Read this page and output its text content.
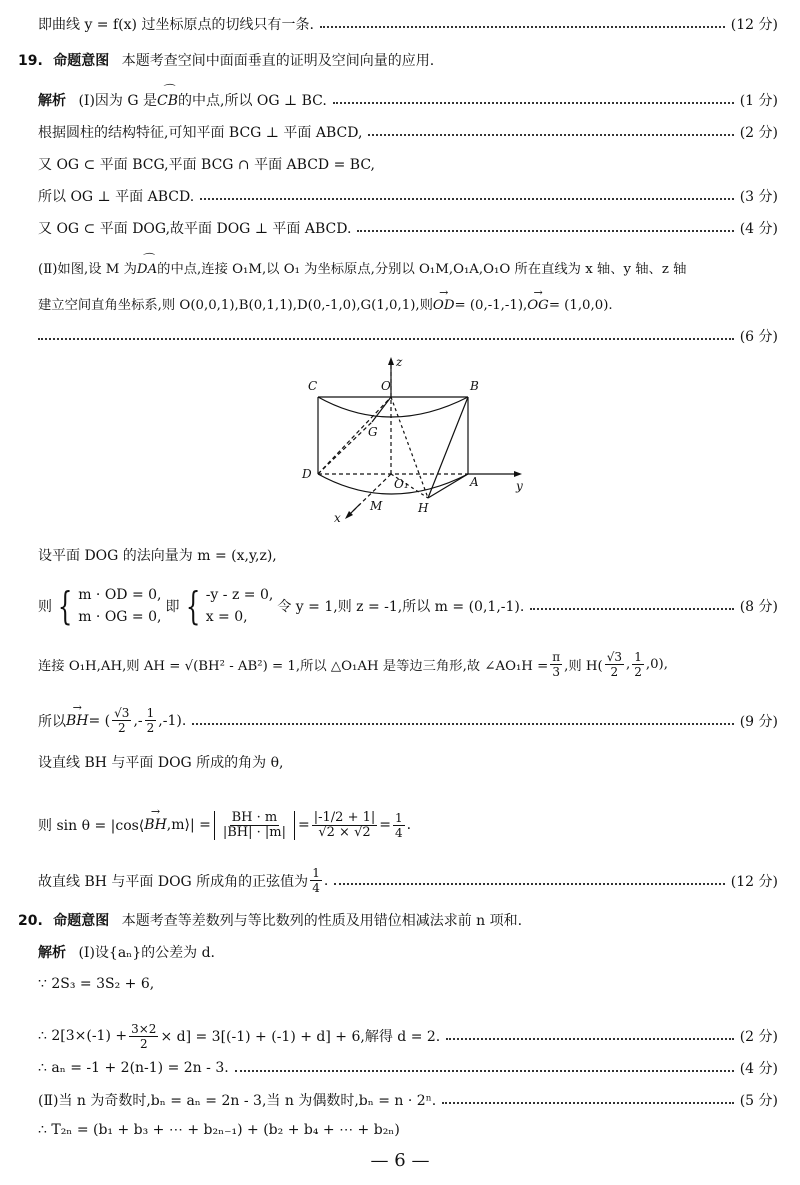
即曲线 y = f(x) 过坐标原点的切线只有一条.	(12 分)
19. 命题意图 本题考查空间中面面垂直的证明及空间向量的应用.
解析 (Ⅰ)因为 G 是⌒ CB的中点,所以 OG ⊥ BC.	(1 分)
根据圆柱的结构特征,可知平面 BCG ⊥ 平面 ABCD,	(2 分)
又 OG ⊂ 平面 BCG,平面 BCG ∩ 平面 ABCD = BC,
所以 OG ⊥ 平面 ABCD.	(3 分)
又 OG ⊂ 平面 DOG,故平面 DOG ⊥ 平面 ABCD.	(4 分)
(Ⅱ)如图,设 M 为⌒ DA的中点,连接 O₁M,以 O₁ 为坐标原点,分别以 O₁M,O₁A,O₁O 所在直线为 x 轴、y 轴、z 轴
建立空间直角坐标系,则 O(0,0,1),B(0,1,1),D(0,-1,0),G(1,0,1),则→ OD= (0,-1,-1),→ OG= (1,0,0).
(6 分)
C	O	B
G
D
O₁	A
M	H
x
y
z
设平面 DOG 的法向量为 m = (x,y,z),
则 { m · OD = 0,
m · OG = 0,
即 { -y - z = 0,
x = 0,
令 y = 1,则 z = -1,所以 m = (0,1,-1).	(8 分)
连接 O₁H,AH,则 AH = √(BH² - AB²) = 1,所以 △O₁AH 是等边三角形,故 ∠AO₁H = $\frac{\pi}{3}$ ,则 $H( \frac{√3}{2}$ , $\frac{1}{2} ,0$),
所以 → BH = ( $\frac{√3}{2}$ ,- $\frac{1}{2} ,-1$).	(9 分)
设直线 BH 与平面 DOG 所成的角为 θ,
则 sin θ = |cos⟨ → BH ,m⟩| = $\frac{BH \cdot m}{|BH| \cdot |m|} = \frac{|-1/2 + 1|}{√2 \times √2} = \frac{1}{4}$ .
故直线 BH 与平面 DOG 所成角的正弦值为 $\frac{1}{4}$ .	(12 分)
20. 命题意图 本题考查等差数列与等比数列的性质及用错位相减法求前 n 项和.
解析 (Ⅰ)设{aₙ}的公差为 d.
∵ 2S₃ = 3S₂ + 6,
∴ $2[3\times(-1) + \frac{3\times 2}{2} \times d] = 3[(-1) + (-1) + d] + 6$,解得 d = 2.	(2 分)
∴ aₙ = -1 + 2(n-1) = 2n - 3.	(4 分)
(Ⅱ)当 n 为奇数时,bₙ = aₙ = 2n - 3,当 n 为偶数时,bₙ = n · 2ⁿ.	(5 分)
∴ T₂ₙ = (b₁ + b₃ + ⋯ + b₂ₙ₋₁) + (b₂ + b₄ + ⋯ + b₂ₙ)
— 6 —
